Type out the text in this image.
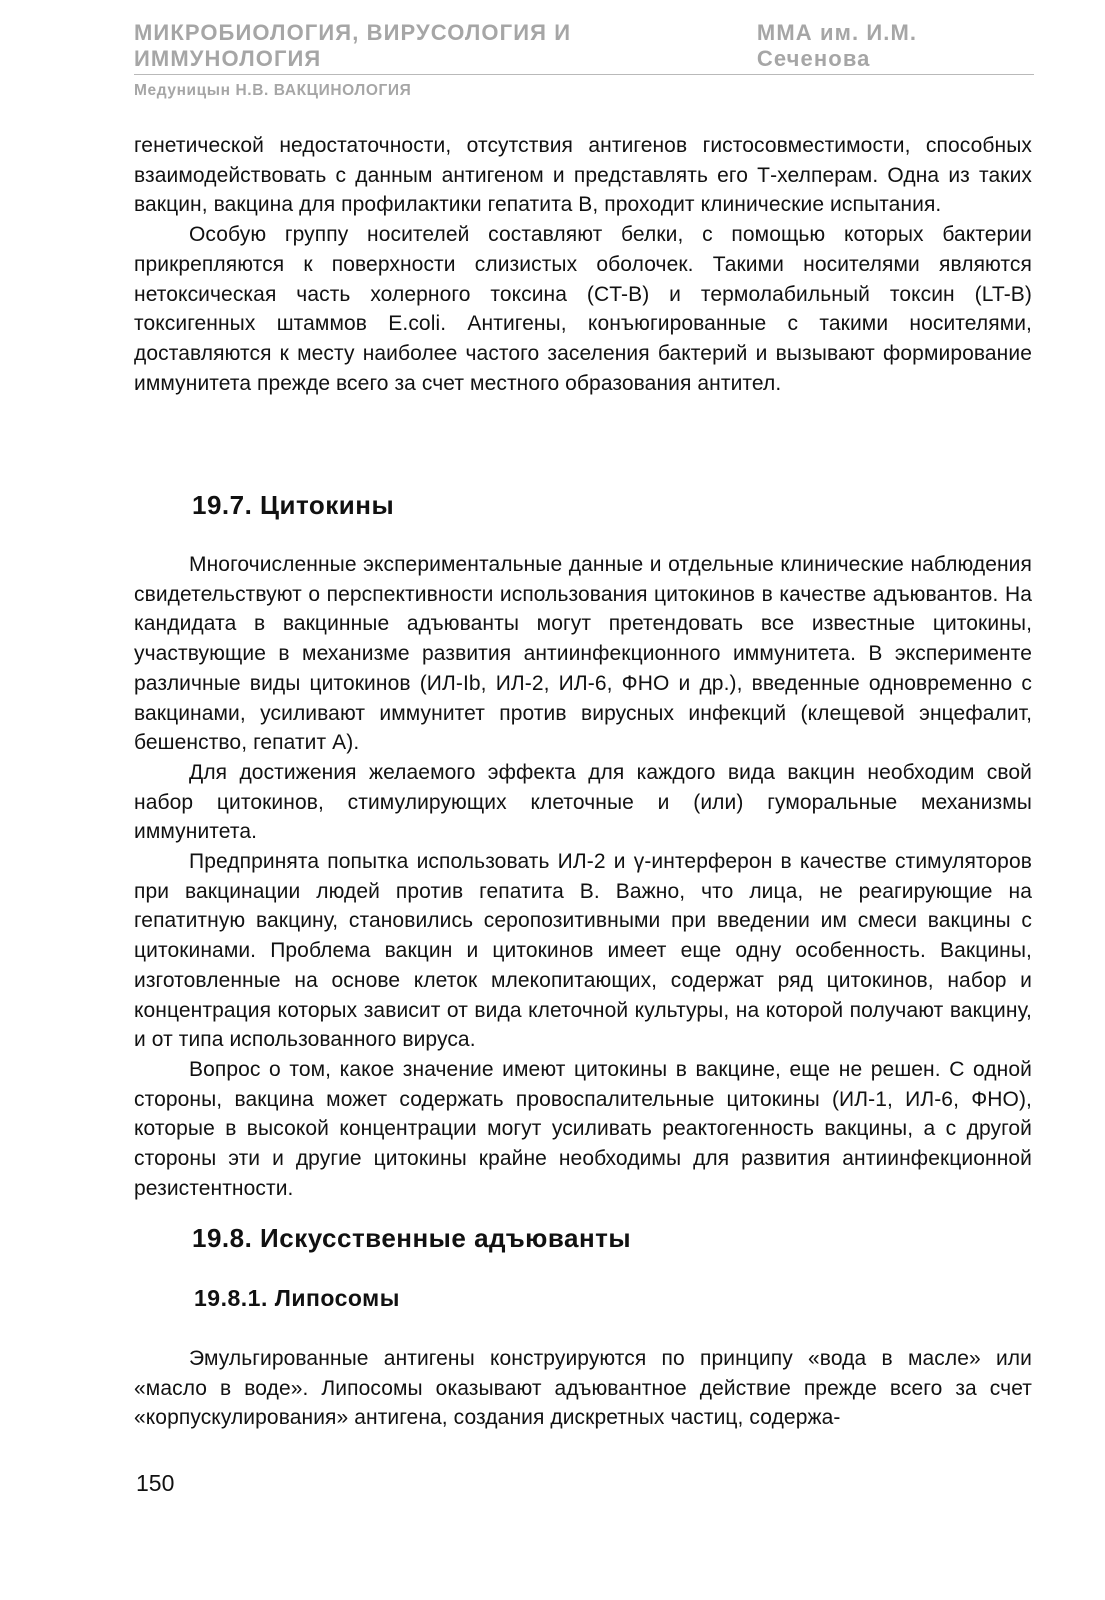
МИКРОБИОЛОГИЯ, ВИРУСОЛОГИЯ И ИММУНОЛОГИЯ
ММА им. И.М. Сеченова
Медуницын Н.В. ВАКЦИНОЛОГИЯ

генетической недостаточности, отсутствия антигенов гистосовместимости, способных взаимодействовать с данным антигеном и представлять его Т-хелперам. Одна из таких вакцин, вакцина для профилактики гепатита В, проходит клинические испытания.

Особую группу носителей составляют белки, с помощью которых бактерии прикрепляются к поверхности слизистых оболочек. Такими носителями являются нетоксическая часть холерного токсина (CT-B) и термолабильный токсин (LT-B) токсигенных штаммов E.coli. Антигены, конъюгированные с такими носителями, доставляются к месту наиболее частого заселения бактерий и вызывают формирование иммунитета прежде всего за счет местного образования антител.

19.7. Цитокины

Многочисленные экспериментальные данные и отдельные клинические наблюдения свидетельствуют о перспективности использования цитокинов в качестве адъювантов. На кандидата в вакцинные адъюванты могут претендовать все известные цитокины, участвующие в механизме развития антиинфекционного иммунитета. В эксперименте различные виды цитокинов (ИЛ-Ib, ИЛ-2, ИЛ-6, ФНО и др.), введенные одновременно с вакцинами, усиливают иммунитет против вирусных инфекций (клещевой энцефалит, бешенство, гепатит А).

Для достижения желаемого эффекта для каждого вида вакцин необходим свой набор цитокинов, стимулирующих клеточные и (или) гуморальные механизмы иммунитета.

Предпринята попытка использовать ИЛ-2 и γ-интерферон в качестве стимуляторов при вакцинации людей против гепатита В. Важно, что лица, не реагирующие на гепатитную вакцину, становились серопозитивными при введении им смеси вакцины с цитокинами. Проблема вакцин и цитокинов имеет еще одну особенность. Вакцины, изготовленные на основе клеток млекопитающих, содержат ряд цитокинов, набор и концентрация которых зависит от вида клеточной культуры, на которой получают вакцину, и от типа использованного вируса.

Вопрос о том, какое значение имеют цитокины в вакцине, еще не решен. С одной стороны, вакцина может содержать провоспалительные цитокины (ИЛ-1, ИЛ-6, ФНО), которые в высокой концентрации могут усиливать реактогенность вакцины, а с другой стороны эти и другие цитокины крайне необходимы для развития антиинфекционной резистентности.

19.8. Искусственные адъюванты
19.8.1. Липосомы

Эмульгированные антигены конструируются по принципу «вода в масле» или «масло в воде». Липосомы оказывают адъювантное действие прежде всего за счет «корпускулирования» антигена, создания дискретных частиц, содержа-

150
